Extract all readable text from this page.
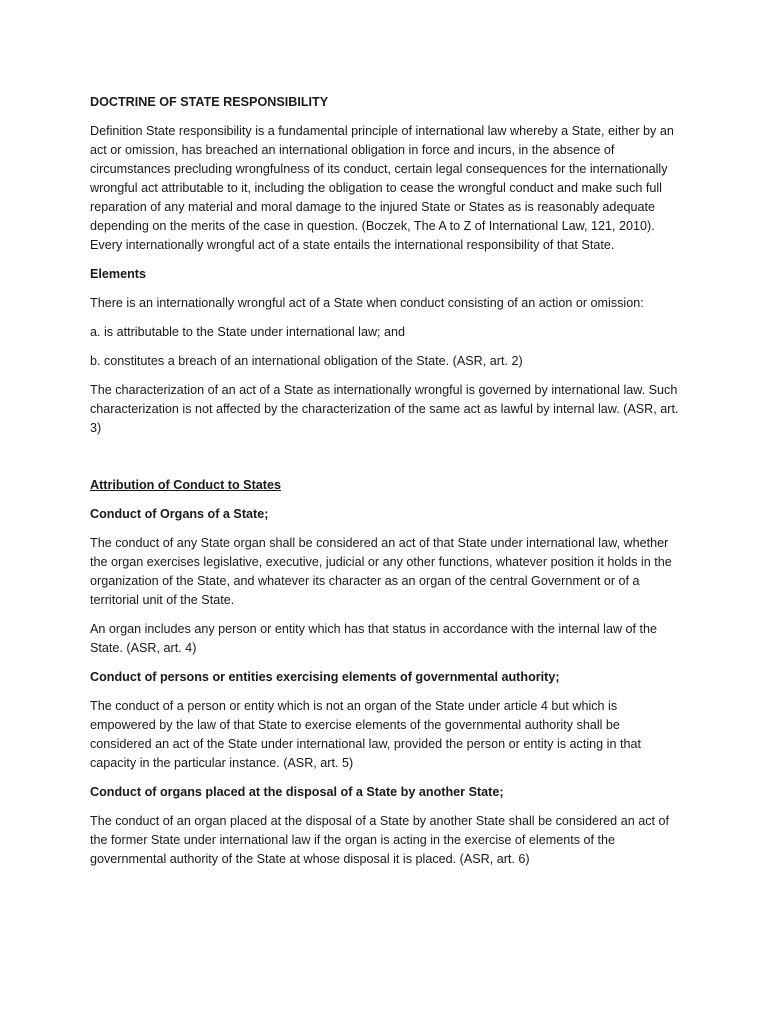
DOCTRINE OF STATE RESPONSIBILITY

Definition State responsibility is a fundamental principle of international law whereby a State, either by an act or omission, has breached an international obligation in force and incurs, in the absence of circumstances precluding wrongfulness of its conduct, certain legal consequences for the internationally wrongful act attributable to it, including the obligation to cease the wrongful conduct and make such full reparation of any material and moral damage to the injured State or States as is reasonably adequate depending on the merits of the case in question. (Boczek, The A to Z of International Law, 121, 2010). Every internationally wrongful act of a state entails the international responsibility of that State.

Elements

There is an internationally wrongful act of a State when conduct consisting of an action or omission:

a. is attributable to the State under international law; and

b. constitutes a breach of an international obligation of the State. (ASR, art. 2)

The characterization of an act of a State as internationally wrongful is governed by international law. Such characterization is not affected by the characterization of the same act as lawful by internal law. (ASR, art. 3)

Attribution of Conduct to States

Conduct of Organs of a State;

The conduct of any State organ shall be considered an act of that State under international law, whether the organ exercises legislative, executive, judicial or any other functions, whatever position it holds in the organization of the State, and whatever its character as an organ of the central Government or of a territorial unit of the State.

An organ includes any person or entity which has that status in accordance with the internal law of the State. (ASR, art. 4)

Conduct of persons or entities exercising elements of governmental authority;

The conduct of a person or entity which is not an organ of the State under article 4 but which is empowered by the law of that State to exercise elements of the governmental authority shall be considered an act of the State under international law, provided the person or entity is acting in that capacity in the particular instance. (ASR, art. 5)

Conduct of organs placed at the disposal of a State by another State;

The conduct of an organ placed at the disposal of a State by another State shall be considered an act of the former State under international law if the organ is acting in the exercise of elements of the governmental authority of the State at whose disposal it is placed. (ASR, art. 6)
